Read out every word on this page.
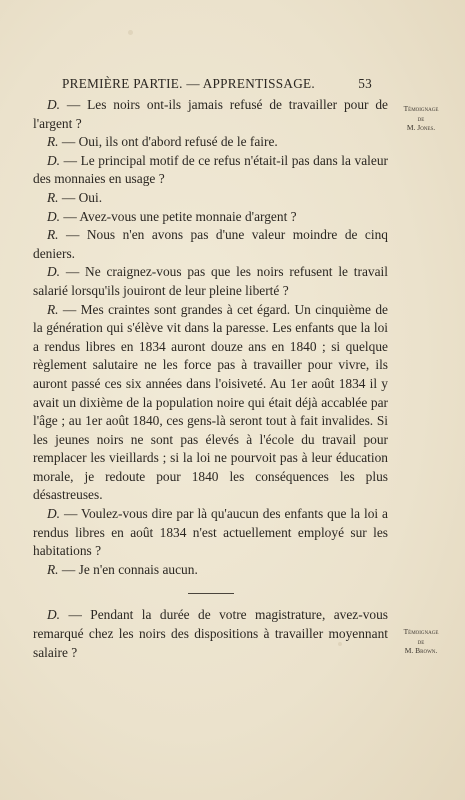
PREMIÈRE PARTIE. — APPRENTISSAGE.	53
Témoignage
de
M. Jones.
Témoignage
de
M. Brown.

D. — Les noirs ont-ils jamais refusé de travailler pour de l'argent ?

R. — Oui, ils ont d'abord refusé de le faire.

D. — Le principal motif de ce refus n'était-il pas dans la valeur des monnaies en usage ?

R. — Oui.

D. — Avez-vous une petite monnaie d'argent ?

R. — Nous n'en avons pas d'une valeur moindre de cinq deniers.

D. — Ne craignez-vous pas que les noirs refusent le travail salarié lorsqu'ils jouiront de leur pleine liberté ?

R. — Mes craintes sont grandes à cet égard. Un cinquième de la génération qui s'élève vit dans la paresse. Les enfants que la loi a rendus libres en 1834 auront douze ans en 1840 ; si quelque règlement salutaire ne les force pas à travailler pour vivre, ils auront passé ces six années dans l'oisiveté. Au 1er août 1834 il y avait un dixième de la population noire qui était déjà accablée par l'âge ; au 1er août 1840, ces gens-là seront tout à fait invalides. Si les jeunes noirs ne sont pas élevés à l'école du travail pour remplacer les vieillards ; si la loi ne pourvoit pas à leur éducation morale, je redoute pour 1840 les conséquences les plus désastreuses.

D. — Voulez-vous dire par là qu'aucun des enfants que la loi a rendus libres en août 1834 n'est actuellement employé sur les habitations ?

R. — Je n'en connais aucun.

D. — Pendant la durée de votre magistrature, avez-vous remarqué chez les noirs des dispositions à travailler moyennant salaire ?
